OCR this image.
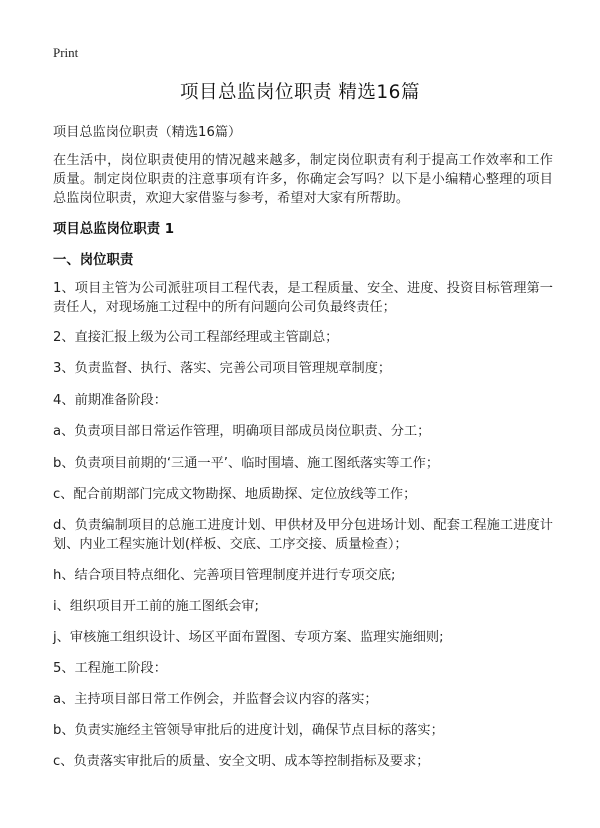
Print
项目总监岗位职责 精选16篇
项目总监岗位职责（精选16篇）
在生活中，岗位职责使用的情况越来越多，制定岗位职责有利于提高工作效率和工作质量。制定岗位职责的注意事项有许多，你确定会写吗？以下是小编精心整理的项目总监岗位职责，欢迎大家借鉴与参考，希望对大家有所帮助。
项目总监岗位职责 1
一、岗位职责
1、项目主管为公司派驻项目工程代表，是工程质量、安全、进度、投资目标管理第一责任人，对现场施工过程中的所有问题向公司负最终责任；
2、直接汇报上级为公司工程部经理或主管副总；
3、负责监督、执行、落实、完善公司项目管理规章制度；
4、前期准备阶段：
a、负责项目部日常运作管理，明确项目部成员岗位职责、分工；
b、负责项目前期的‘三通一平’、临时围墙、施工图纸落实等工作；
c、配合前期部门完成文物勘探、地质勘探、定位放线等工作；
d、负责编制项目的总施工进度计划、甲供材及甲分包进场计划、配套工程施工进度计划、内业工程实施计划(样板、交底、工序交接、质量检查）；
h、结合项目特点细化、完善项目管理制度并进行专项交底;
i、组织项目开工前的施工图纸会审;
j、审核施工组织设计、场区平面布置图、专项方案、监理实施细则;
5、工程施工阶段：
a、主持项目部日常工作例会，并监督会议内容的落实；
b、负责实施经主管领导审批后的进度计划，确保节点目标的落实；
c、负责落实审批后的质量、安全文明、成本等控制指标及要求；
